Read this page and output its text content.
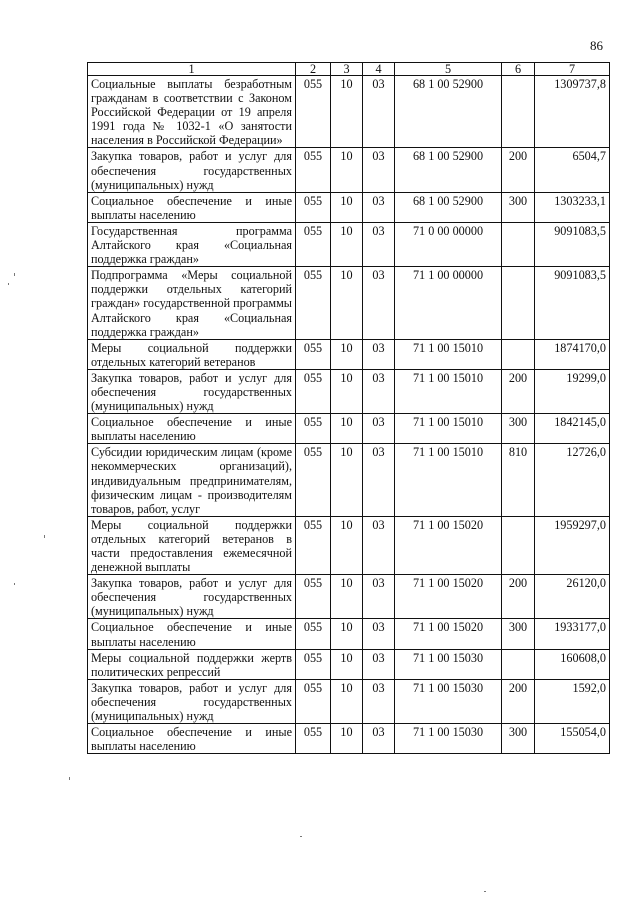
86
1	2	3	4	5	6	7
Социальные выплаты безработным гражданам в соответствии с Законом Российской Федерации от 19 апреля 1991 года № 1032-1 «О занятости населения в Российской Федерации»	055	10	03	68 1 00 52900		1309737,8
Закупка товаров, работ и услуг для обеспечения государственных (муниципальных) нужд	055	10	03	68 1 00 52900	200	6504,7
Социальное обеспечение и иные выплаты населению	055	10	03	68 1 00 52900	300	1303233,1
Государственная программа Алтайского края «Социальная поддержка граждан»	055	10	03	71 0 00 00000		9091083,5
Подпрограмма «Меры социальной поддержки отдельных категорий граждан» государственной программы Алтайского края «Социальная поддержка граждан»	055	10	03	71 1 00 00000		9091083,5
Меры социальной поддержки отдельных категорий ветеранов	055	10	03	71 1 00 15010		1874170,0
Закупка товаров, работ и услуг для обеспечения государственных (муниципальных) нужд	055	10	03	71 1 00 15010	200	19299,0
Социальное обеспечение и иные выплаты населению	055	10	03	71 1 00 15010	300	1842145,0
Субсидии юридическим лицам (кроме некоммерческих организаций), индивидуальным предпринимателям, физическим лицам - производителям товаров, работ, услуг	055	10	03	71 1 00 15010	810	12726,0
Меры социальной поддержки отдельных категорий ветеранов в части предоставления ежемесячной денежной выплаты	055	10	03	71 1 00 15020		1959297,0
Закупка товаров, работ и услуг для обеспечения государственных (муниципальных) нужд	055	10	03	71 1 00 15020	200	26120,0
Социальное обеспечение и иные выплаты населению	055	10	03	71 1 00 15020	300	1933177,0
Меры социальной поддержки жертв политических репрессий	055	10	03	71 1 00 15030		160608,0
Закупка товаров, работ и услуг для обеспечения государственных (муниципальных) нужд	055	10	03	71 1 00 15030	200	1592,0
Социальное обеспечение и иные выплаты населению	055	10	03	71 1 00 15030	300	155054,0
